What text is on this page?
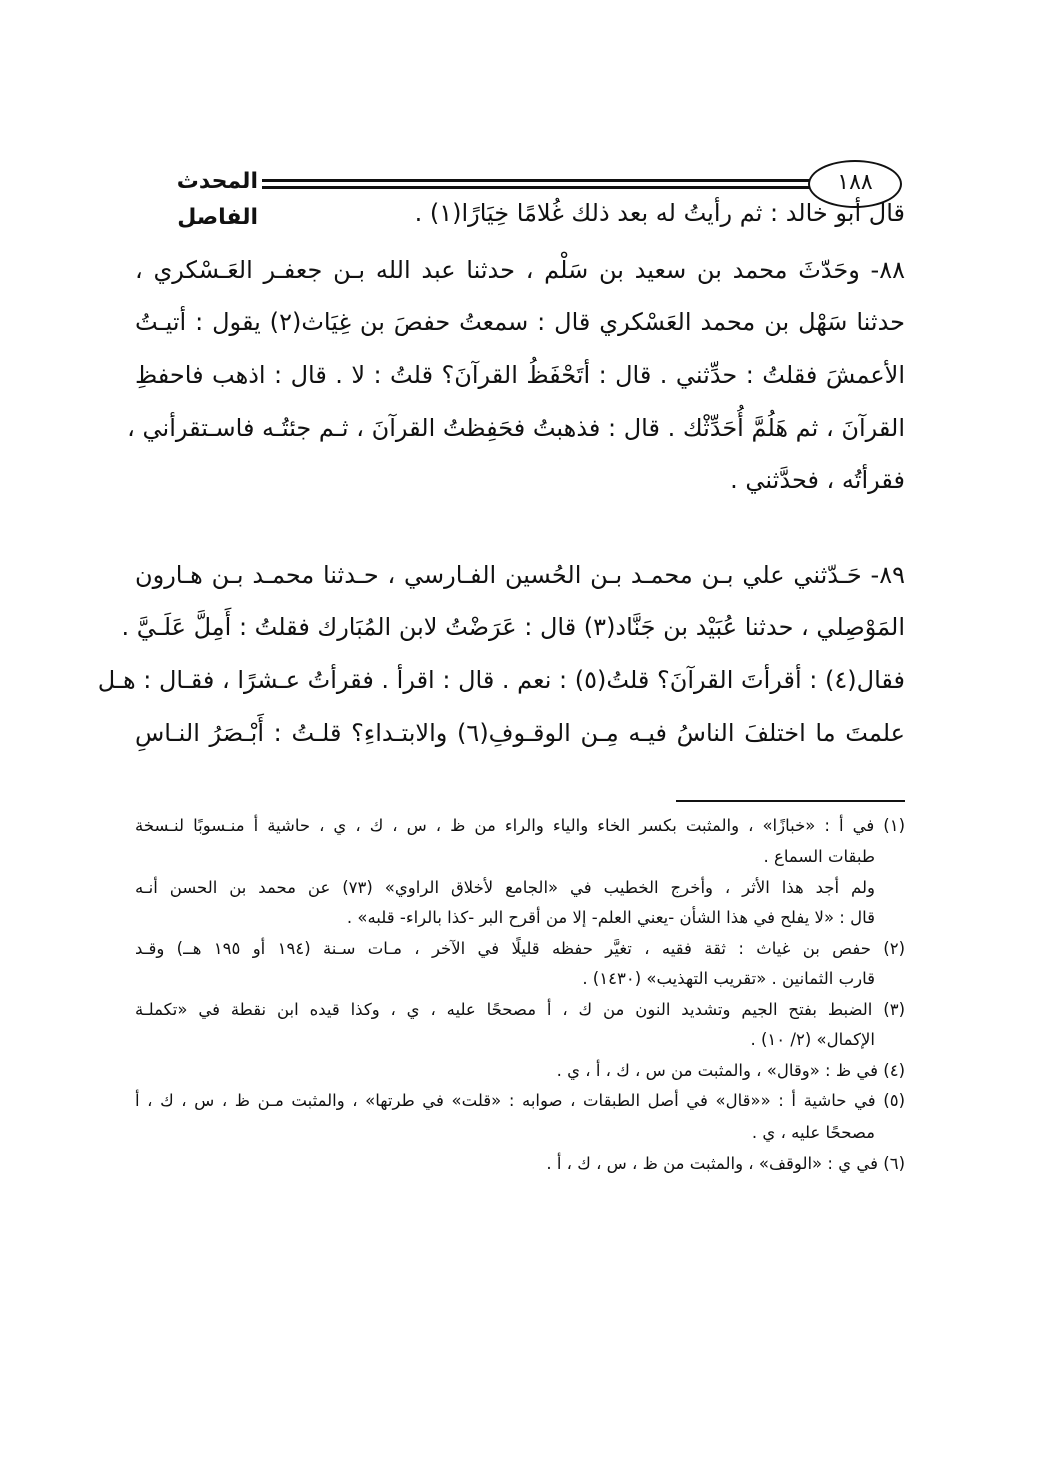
١٨٨
المحدث الفاصل	قال أبو خالد : ثم رأيتُ له بعد ذلك غُلامًا خِيَارًا(١) .
٨٨- وحَدّثَ محمد بن سعيد بن سَلْم ، حدثنا عبد الله بـن جعفـر العَـسْكري ،
حدثنا سَهْل بن محمد العَسْكري قال : سمعتُ حفصَ بن غِيَاث(٢) يقول : أتيـتُ
الأعمشَ فقلتُ : حدِّثني . قال : أتَحْفَظُ القرآنَ؟ قلتُ : لا . قال : اذهب فاحفظِ
القرآنَ ، ثم هَلُمَّ أُحَدِّثْك . قال : فذهبتُ فحَفِظتُ القرآنَ ، ثـم جئتُـه فاسـتقرأني ،
فقرأتُه ، فحدَّثني .
٨٩- حَـدّثني علي بـن محمـد بـن الحُسين الفـارسي ، حـدثنا محمـد بـن هـارون
المَوْصِلي ، حدثنا عُبَيْد بن جَنَّاد(٣) قال : عَرَضْتُ لابن المُبَارك فقلتُ : أَمِلَّ عَلَـيَّ .
فقال(٤) : أقرأتَ القرآنَ؟ قلتُ(٥) : نعم . قال : اقرأ . فقرأتُ عـشرًا ، فقـال : هـل
علمتَ ما اختلفَ الناسُ فيـه مِـن الوقـوفِ(٦) والابتـداءِ؟ قلـتُ : أَبْـصَرُ النـاسِ
(١) في أ : «خبازًا» ، والمثبت بكسر الخاء والياء والراء من ظ ، س ، ك ، ي ، حاشية أ منـسوبًا لنـسخة
طبقات السماع .
ولم أجد هذا الأثر ، وأخرج الخطيب في «الجامع لأخلاق الراوي» (٧٣) عن محمد بن الحسن أنـه
قال : «لا يفلح في هذا الشأن -يعني العلم- إلا من أقرح البر -كذا بالراء- قلبه» .
(٢) حفص بن غياث : ثقة فقيه ، تغيَّر حفظه قليلًا في الآخر ، مـات سـنة (١٩٤ أو ١٩٥ هــ) وقـد
قارب الثمانين . «تقريب التهذيب» (١٤٣٠) .
(٣) الضبط بفتح الجيم وتشديد النون من ك ، أ مصححًا عليه ، ي ، وكذا قيده ابن نقطة في «تكملـة
الإكمال» (٢/ ١٠) .
(٤) في ظ : «وقال» ، والمثبت من س ، ك ، أ ، ي .
(٥) في حاشية أ : ««قال» في أصل الطبقات ، صوابه : «قلت» في طرتها» ، والمثبت مـن ظ ، س ، ك ، أ
مصححًا عليه ، ي .
(٦) في ي : «الوقف» ، والمثبت من ظ ، س ، ك ، أ .
